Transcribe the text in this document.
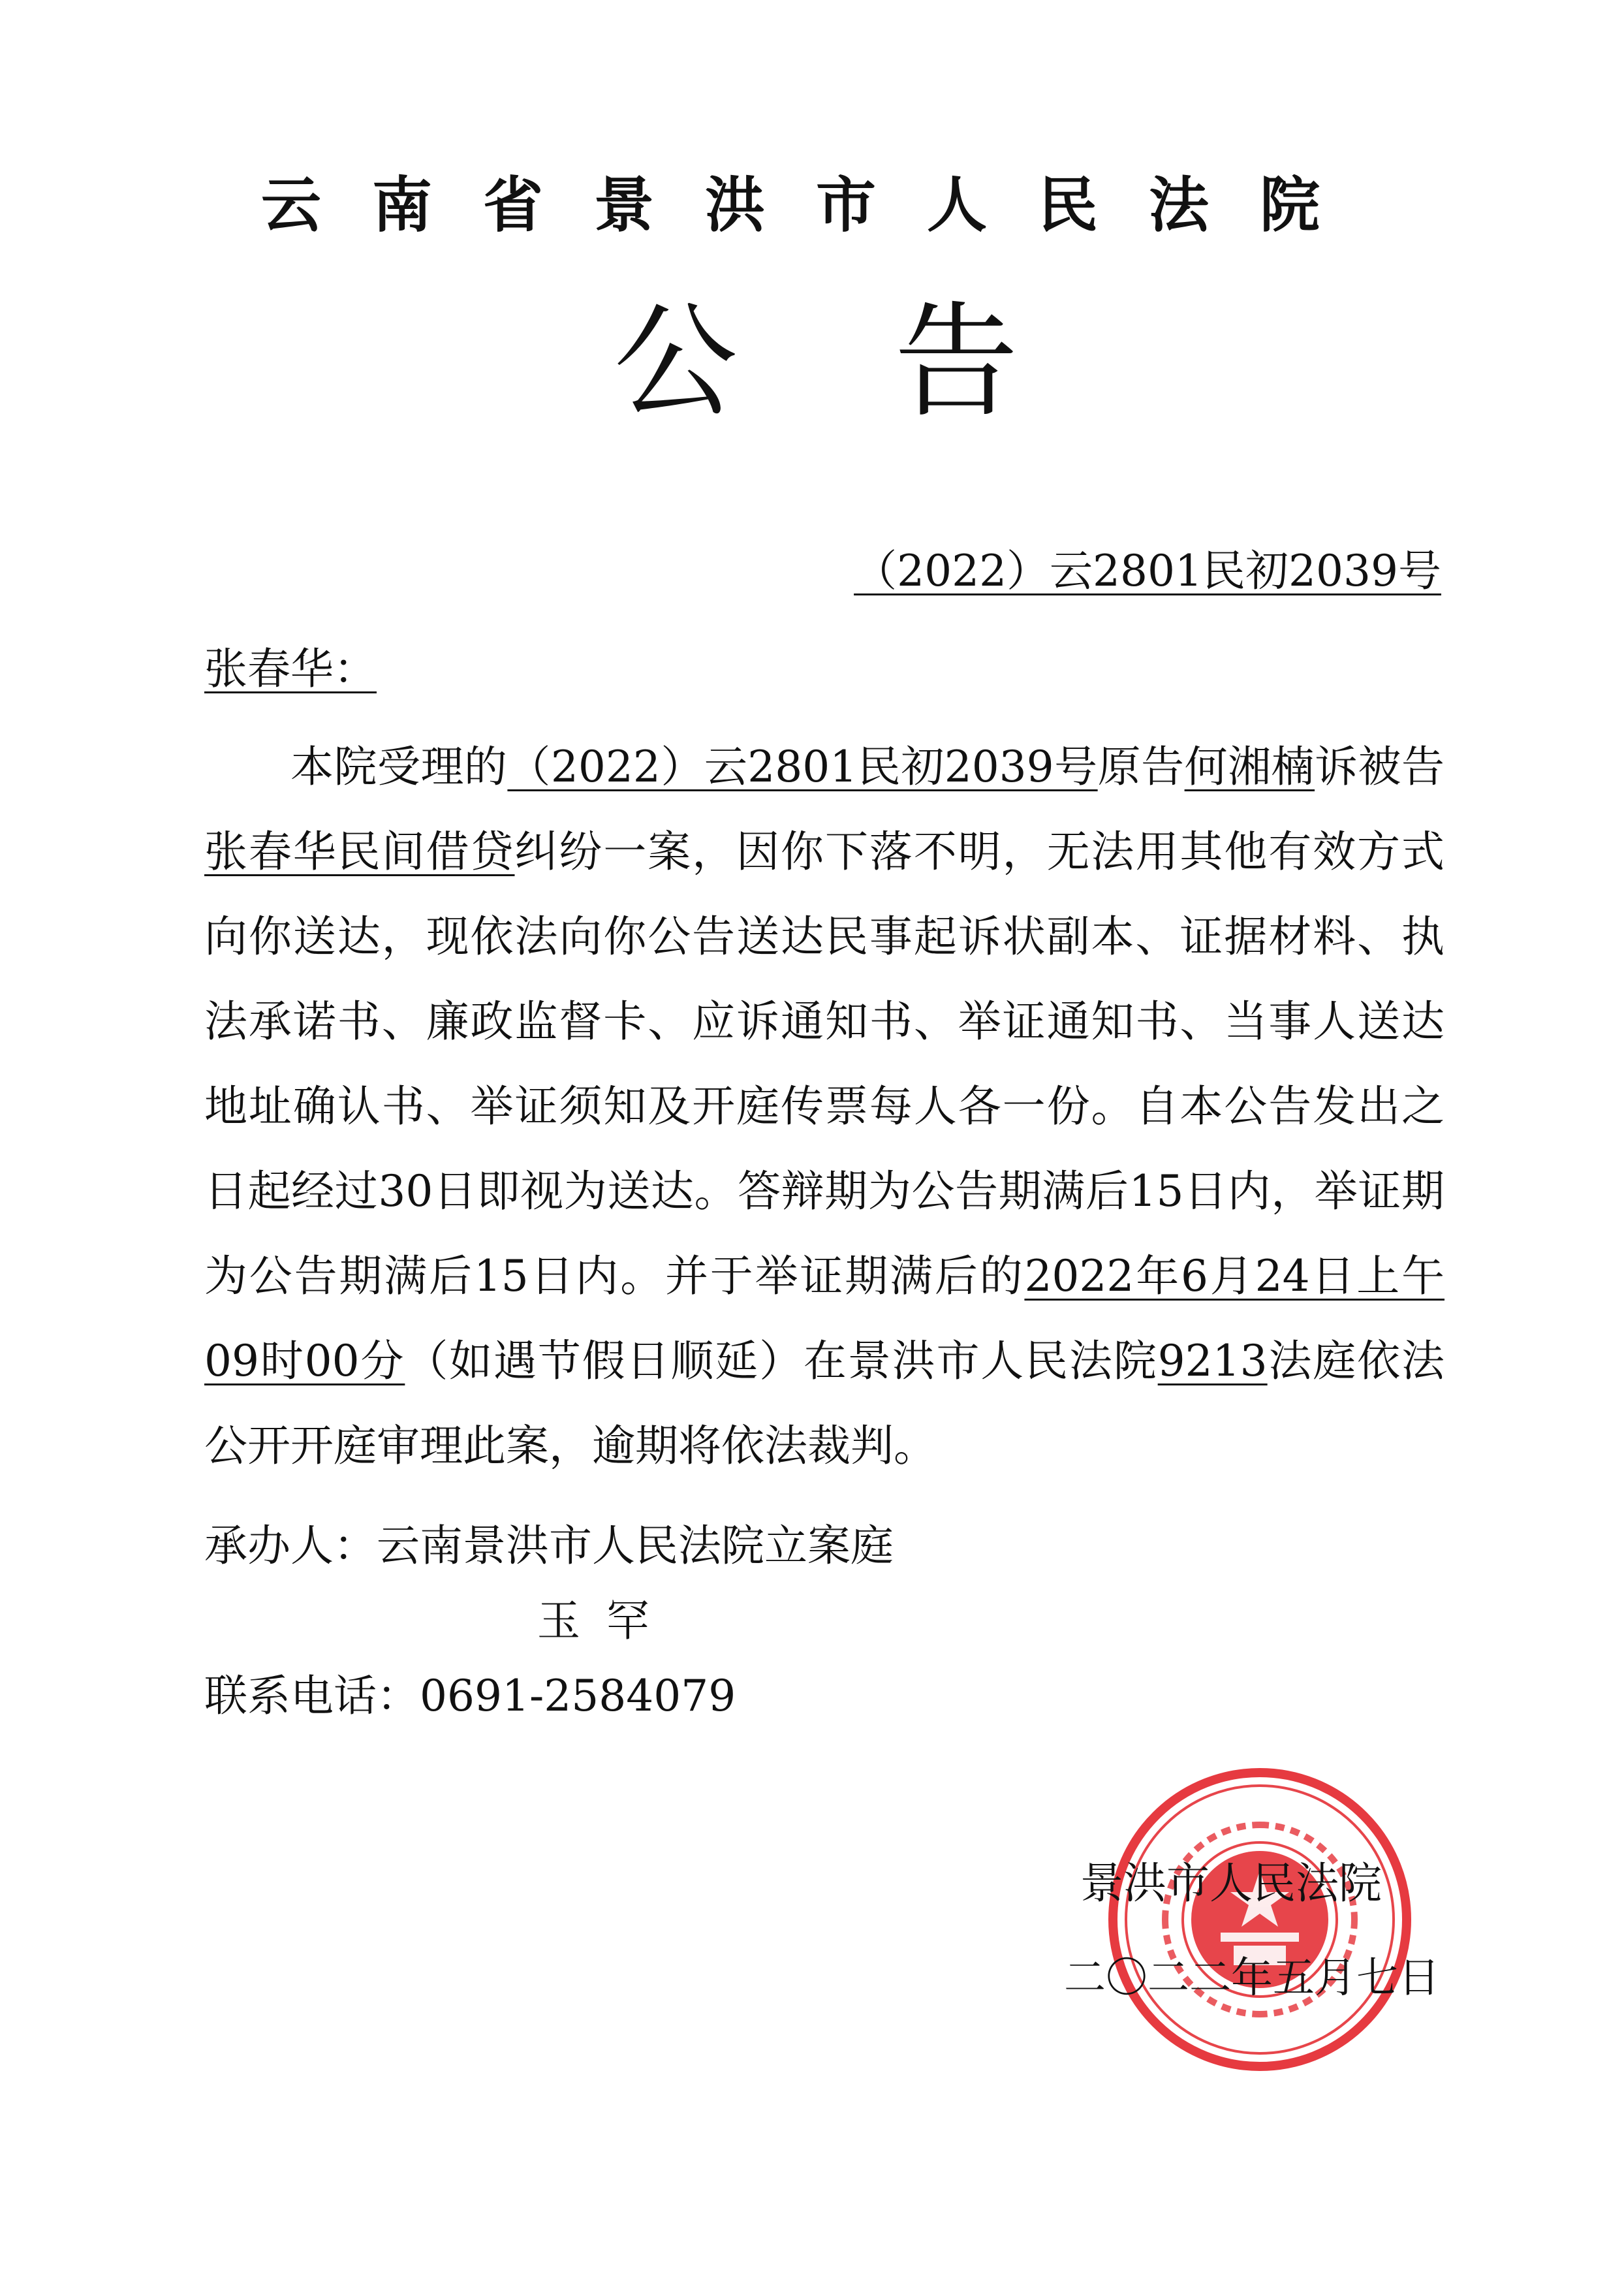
云南省景洪市人民法院
公告
（2022）云2801民初2039号
张春华：
本院受理的（2022）云2801民初2039号原告何湘楠诉被告张春华民间借贷纠纷一案，因你下落不明，无法用其他有效方式向你送达，现依法向你公告送达民事起诉状副本、证据材料、执法承诺书、廉政监督卡、应诉通知书、举证通知书、当事人送达地址确认书、举证须知及开庭传票每人各一份。自本公告发出之日起经过30日即视为送达。答辩期为公告期满后15日内，举证期为公告期满后15日内。并于举证期满后的2022年6月24日上午09时00分（如遇节假日顺延）在景洪市人民法院9213法庭依法公开开庭审理此案，逾期将依法裁判。
承办人：云南景洪市人民法院立案庭
玉罕
联系电话：0691-2584079
景洪市人民法院
二〇二二年五月七日
